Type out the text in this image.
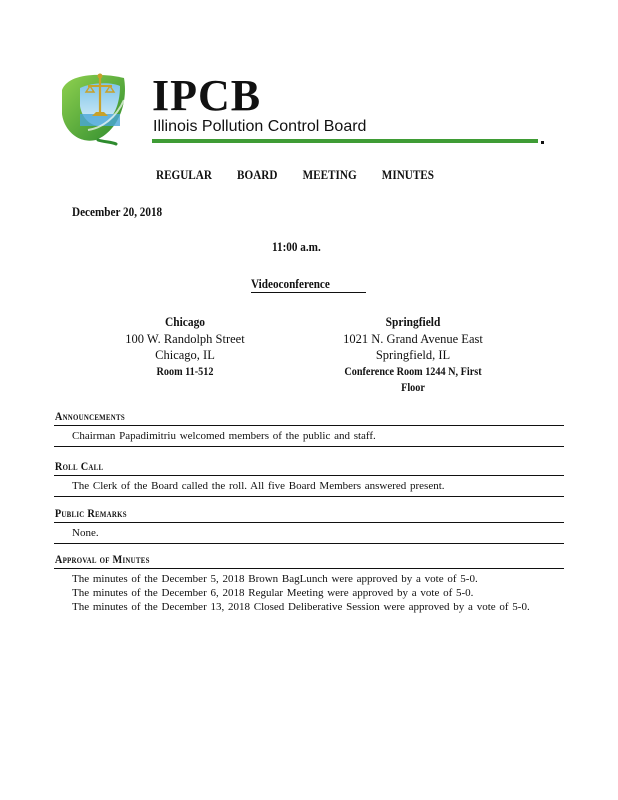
IPCB
Illinois Pollution Control Board
REGULAR BOARD MEETING MINUTES
December 20, 2018
11:00 a.m.
Videoconference
Chicago
100 W. Randolph Street
Chicago, IL
Room 11-512
Springfield
1021 N. Grand Avenue East
Springfield, IL
Conference Room 1244 N, First
Floor
Announcements

Chairman Papadimitriu welcomed members of the public and staff.

Roll Call

The Clerk of the Board called the roll. All five Board Members answered present.

Public Remarks

None.

Approval of Minutes

The minutes of the December 5, 2018 Brown BagLunch were approved by a vote of 5-0.

The minutes of the December 6, 2018 Regular Meeting were approved by a vote of 5-0.

The minutes of the December 13, 2018 Closed Deliberative Session were approved by a vote of 5-0.
